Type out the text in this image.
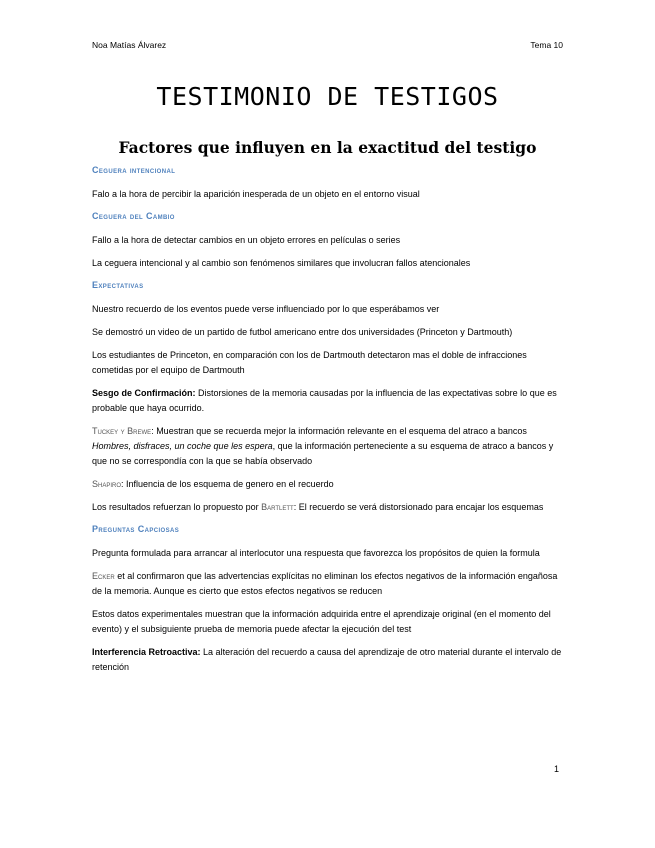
Noa Matías Álvarez	Tema 10
TESTIMONIO DE TESTIGOS
Factores que influyen en la exactitud del testigo
Ceguera intencional

Falo a la hora de percibir la aparición inesperada de un objeto en el entorno visual

Ceguera del Cambio

Fallo a la hora de detectar cambios en un objeto errores en películas o series

La ceguera intencional y al cambio son fenómenos similares que involucran fallos atencionales

Expectativas

Nuestro recuerdo de los eventos puede verse influenciado por lo que esperábamos ver

Se demostró un video de un partido de futbol americano entre dos universidades (Princeton y Dartmouth)

Los estudiantes de Princeton, en comparación con los de Dartmouth detectaron mas el doble de infracciones cometidas por el equipo de Dartmouth

Sesgo de Confirmación: Distorsiones de la memoria causadas por la influencia de las expectativas sobre lo que es probable que haya ocurrido.

Tuckey y Brewe: Muestran que se recuerda mejor la información relevante en el esquema del atraco a bancos Hombres, disfraces, un coche que les espera, que la información perteneciente a su esquema de atraco a bancos y que no se correspondía con la que se había observado

Shapiro: Influencia de los esquema de genero en el recuerdo

Los resultados refuerzan lo propuesto por Bartlett: El recuerdo se verá distorsionado para encajar los esquemas

Preguntas Capciosas

Pregunta formulada para arrancar al interlocutor una respuesta que favorezca los propósitos de quien la formula

Ecker et al confirmaron que las advertencias explícitas no eliminan los efectos negativos de la información engañosa de la memoria. Aunque es cierto que estos efectos negativos se reducen

Estos datos experimentales muestran que la información adquirida entre el aprendizaje original (en el momento del evento) y el subsiguiente prueba de memoria puede afectar la ejecución del test

Interferencia Retroactiva: La alteración del recuerdo a causa del aprendizaje de otro material durante el intervalo de retención

1
